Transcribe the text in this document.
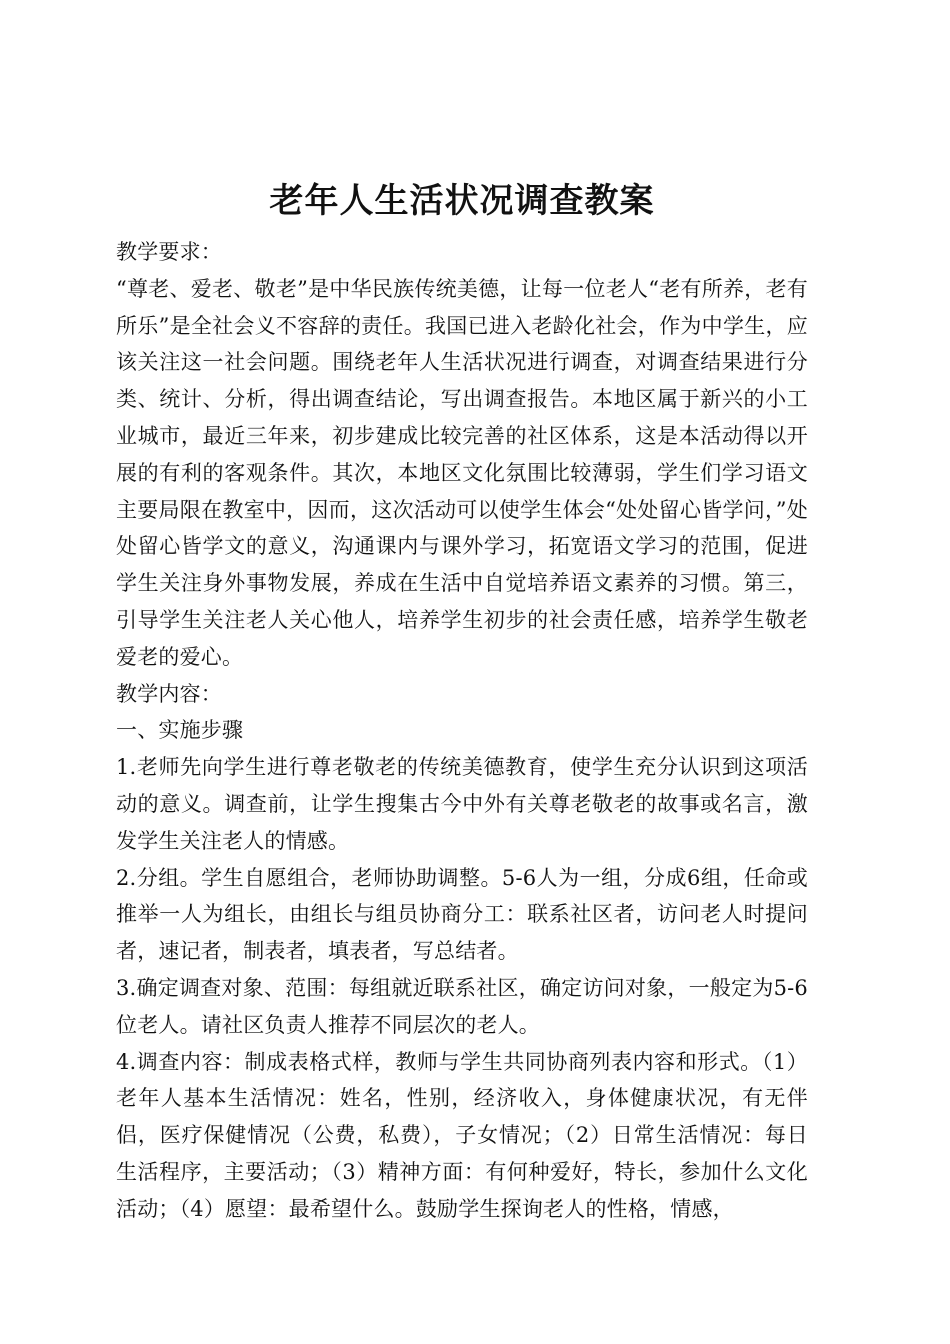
老年人生活状况调查教案

教学要求：

“尊老、爱老、敬老”是中华民族传统美德，让每一位老人“老有所养，老有所乐”是全社会义不容辞的责任。我国已进入老龄化社会，作为中学生，应该关注这一社会问题。围绕老年人生活状况进行调查，对调查结果进行分类、统计、分析，得出调查结论，写出调查报告。本地区属于新兴的小工业城市，最近三年来，初步建成比较完善的社区体系，这是本活动得以开展的有利的客观条件。其次，本地区文化氛围比较薄弱，学生们学习语文主要局限在教室中，因而，这次活动可以使学生体会“处处留心皆学问，”处处留心皆学文的意义，沟通课内与课外学习，拓宽语文学习的范围，促进学生关注身外事物发展，养成在生活中自觉培养语文素养的习惯。第三，引导学生关注老人关心他人，培养学生初步的社会责任感，培养学生敬老爱老的爱心。

教学内容：

一、实施步骤

1.老师先向学生进行尊老敬老的传统美德教育，使学生充分认识到这项活动的意义。调查前，让学生搜集古今中外有关尊老敬老的故事或名言，激发学生关注老人的情感。

2.分组。学生自愿组合，老师协助调整。5-6人为一组，分成6组，任命或推举一人为组长，由组长与组员协商分工：联系社区者，访问老人时提问者，速记者，制表者，填表者，写总结者。

3.确定调查对象、范围：每组就近联系社区，确定访问对象，一般定为5-6位老人。请社区负责人推荐不同层次的老人。

4.调查内容：制成表格式样，教师与学生共同协商列表内容和形式。（1）老年人基本生活情况：姓名，性别，经济收入，身体健康状况，有无伴侣，医疗保健情况（公费，私费），子女情况；（2）日常生活情况：每日生活程序，主要活动；（3）精神方面：有何种爱好，特长，参加什么文化活动；（4）愿望：最希望什么。鼓励学生探询老人的性格，情感，
